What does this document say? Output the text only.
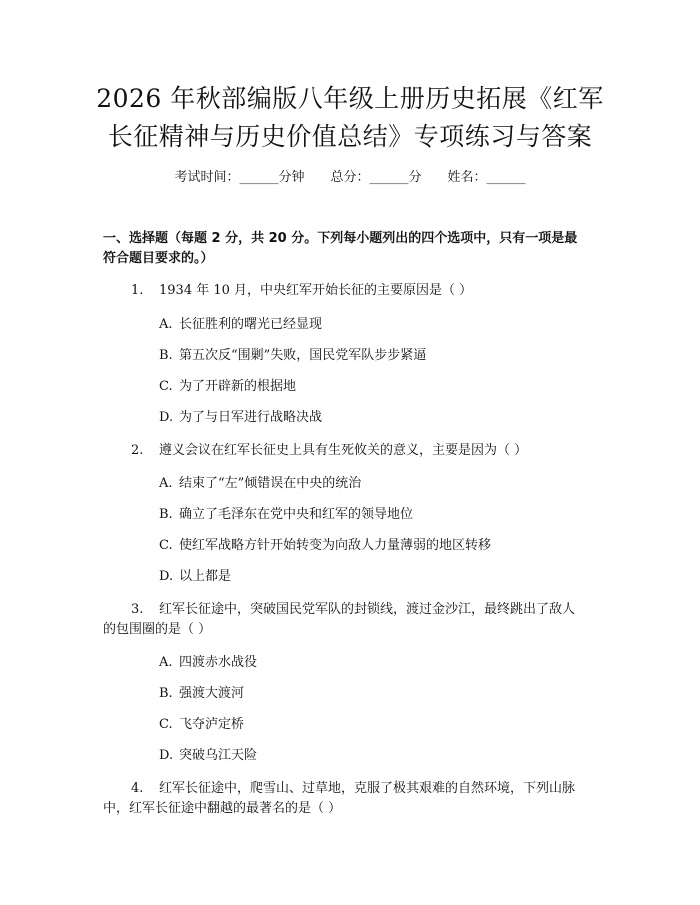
2026 年秋部编版八年级上册历史拓展《红军
长征精神与历史价值总结》专项练习与答案
考试时间：______分钟 总分：______分 姓名：______
一、选择题（每题 2 分，共 20 分。下列每小题列出的四个选项中，只有一项是最
符合题目要求的。）
1. 1934 年 10 月，中央红军开始长征的主要原因是（ ）
A. 长征胜利的曙光已经显现
B. 第五次反“围剿”失败，国民党军队步步紧逼
C. 为了开辟新的根据地
D. 为了与日军进行战略决战
2. 遵义会议在红军长征史上具有生死攸关的意义，主要是因为（ ）
A. 结束了“左”倾错误在中央的统治
B. 确立了毛泽东在党中央和红军的领导地位
C. 使红军战略方针开始转变为向敌人力量薄弱的地区转移
D. 以上都是
3. 红军长征途中，突破国民党军队的封锁线，渡过金沙江，最终跳出了敌人
的包围圈的是（ ）
A. 四渡赤水战役
B. 强渡大渡河
C. 飞夺泸定桥
D. 突破乌江天险
4. 红军长征途中，爬雪山、过草地，克服了极其艰难的自然环境，下列山脉
中，红军长征途中翻越的最著名的是（ ）
